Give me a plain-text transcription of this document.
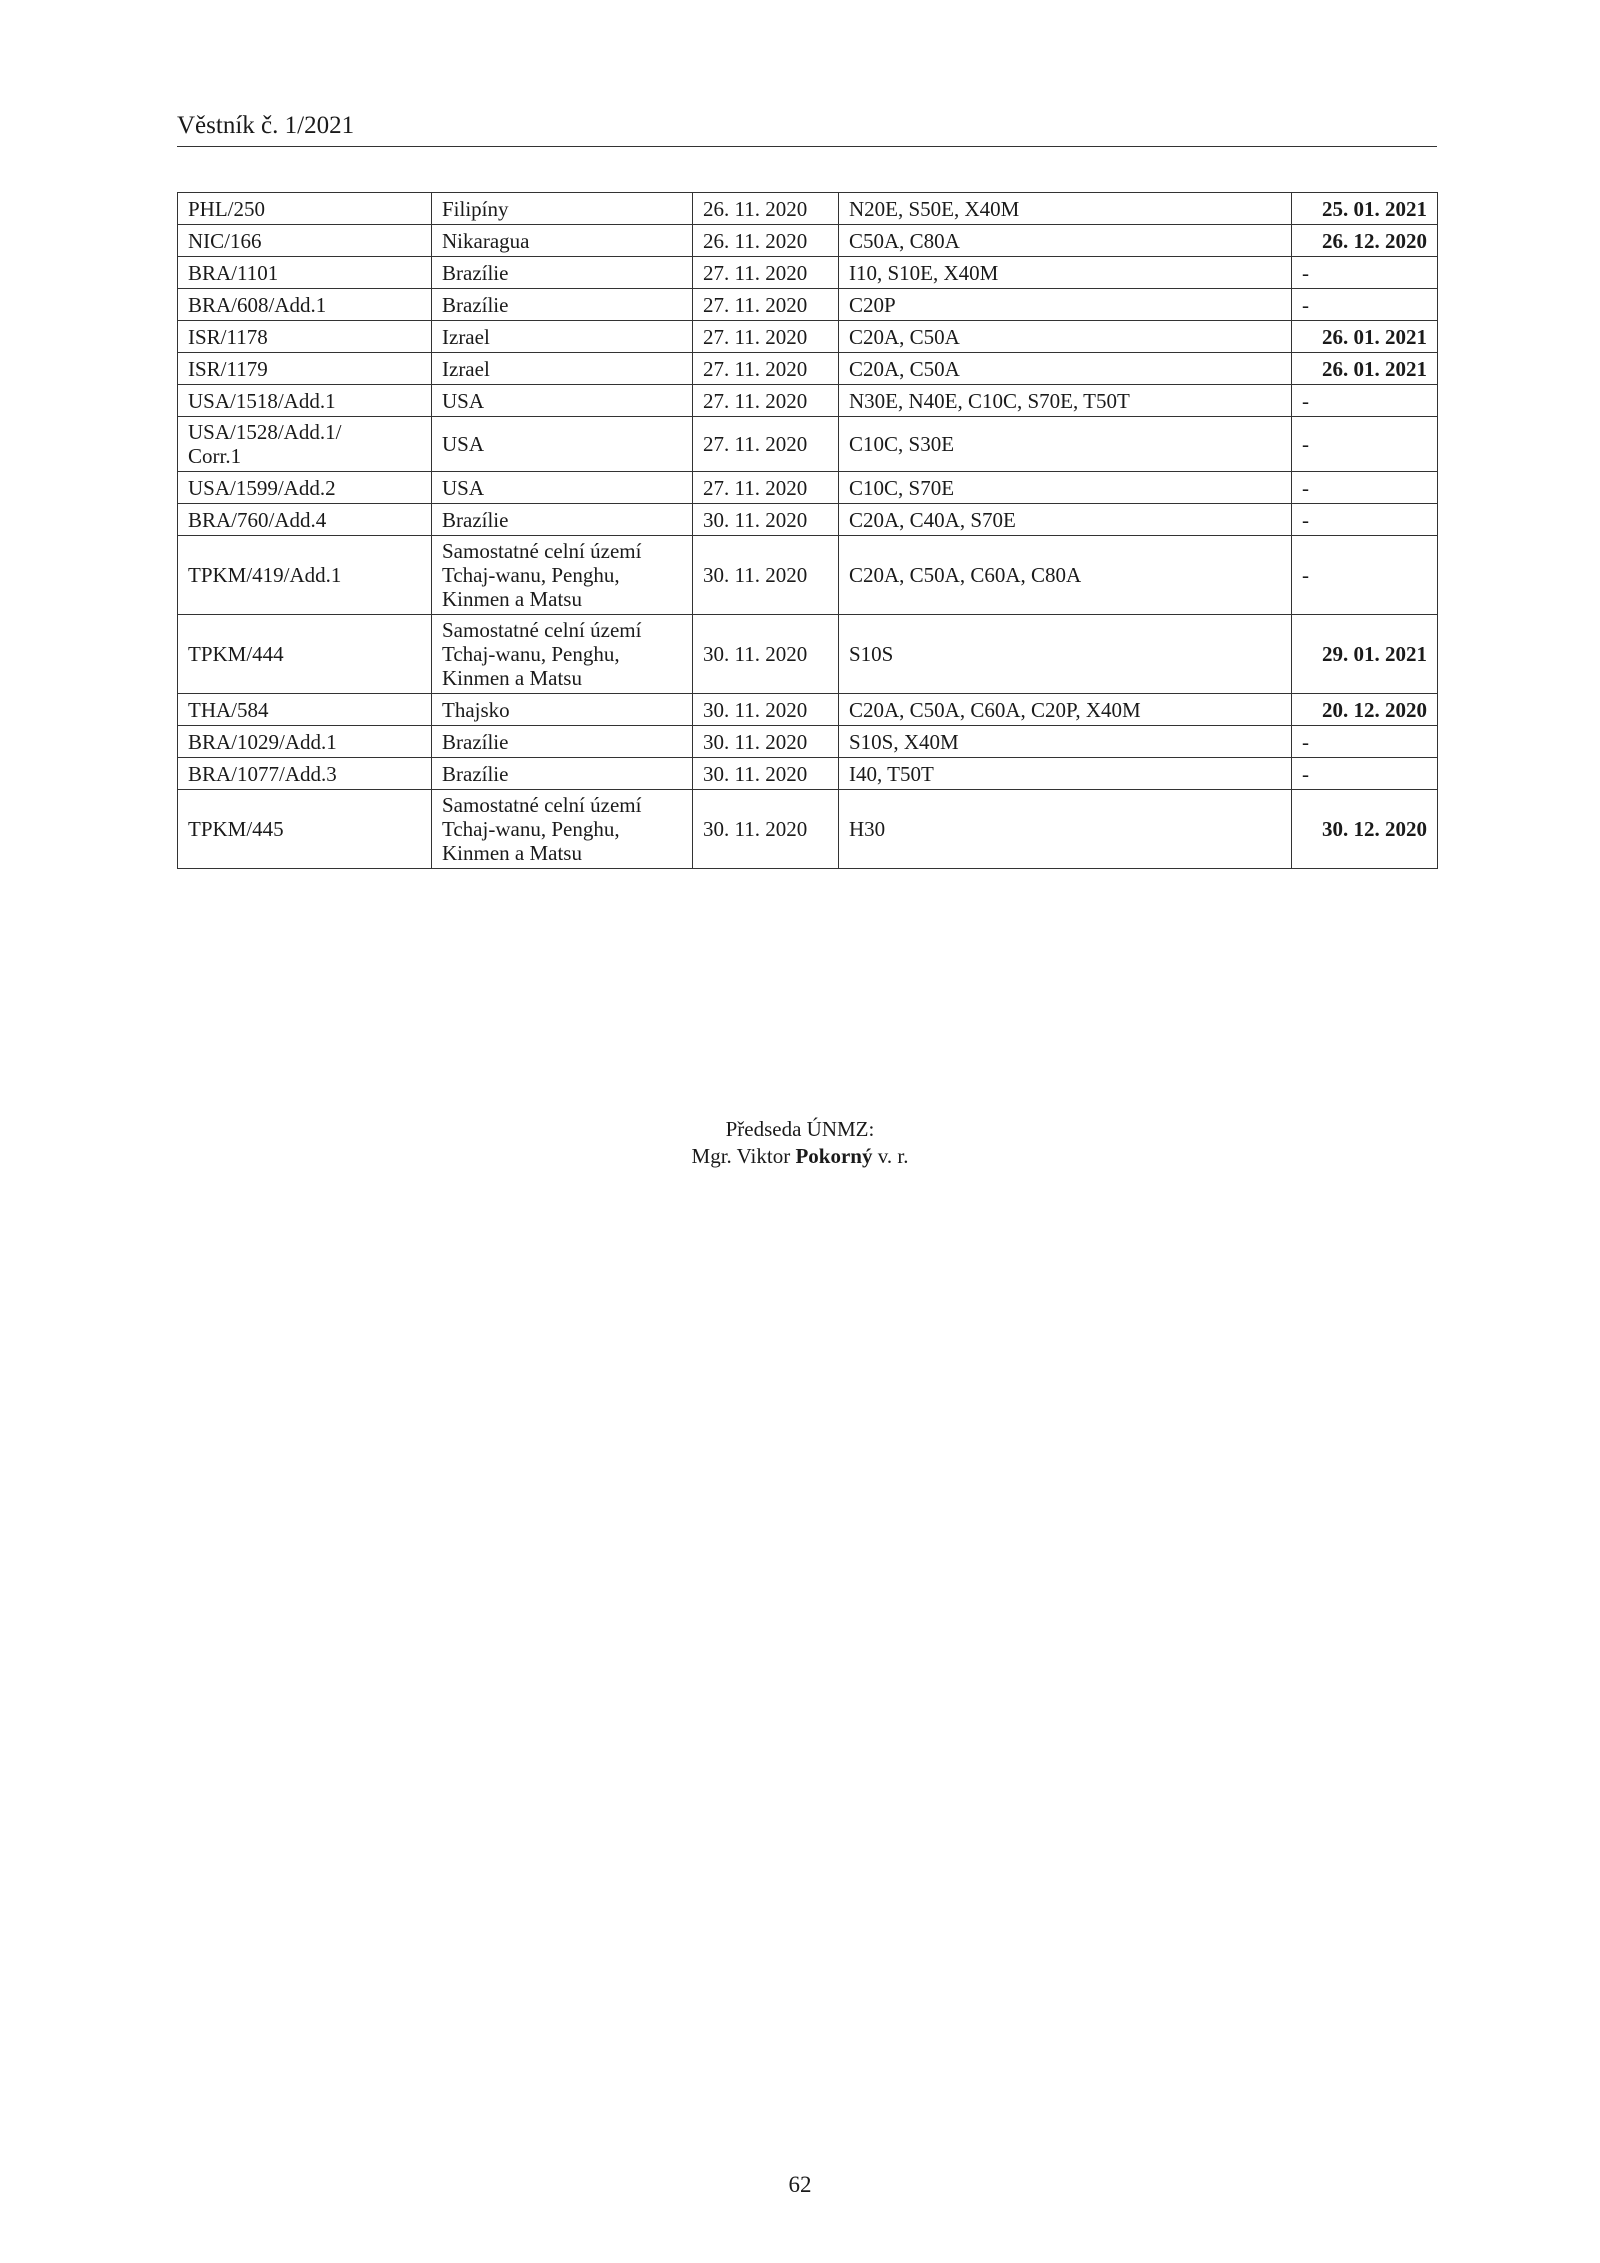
Věstník č. 1/2021
PHL/250	Filipíny	26. 11. 2020	N20E, S50E, X40M	25. 01. 2021
NIC/166	Nikaragua	26. 11. 2020	C50A, C80A	26. 12. 2020
BRA/1101	Brazílie	27. 11. 2020	I10, S10E, X40M	-
BRA/608/Add.1	Brazílie	27. 11. 2020	C20P	-
ISR/1178	Izrael	27. 11. 2020	C20A, C50A	26. 01. 2021
ISR/1179	Izrael	27. 11. 2020	C20A, C50A	26. 01. 2021
USA/1518/Add.1	USA	27. 11. 2020	N30E, N40E, C10C, S70E, T50T	-
USA/1528/Add.1/
Corr.1	USA	27. 11. 2020	C10C, S30E	-
USA/1599/Add.2	USA	27. 11. 2020	C10C, S70E	-
BRA/760/Add.4	Brazílie	30. 11. 2020	C20A, C40A, S70E	-
TPKM/419/Add.1	Samostatné celní území
Tchaj-wanu, Penghu,
Kinmen a Matsu	30. 11. 2020	C20A, C50A, C60A, C80A	-
TPKM/444	Samostatné celní území
Tchaj-wanu, Penghu,
Kinmen a Matsu	30. 11. 2020	S10S	29. 01. 2021
THA/584	Thajsko	30. 11. 2020	C20A, C50A, C60A, C20P, X40M	20. 12. 2020
BRA/1029/Add.1	Brazílie	30. 11. 2020	S10S, X40M	-
BRA/1077/Add.3	Brazílie	30. 11. 2020	I40, T50T	-
TPKM/445	Samostatné celní území
Tchaj-wanu, Penghu,
Kinmen a Matsu	30. 11. 2020	H30	30. 12. 2020
Předseda ÚNMZ:
Mgr. Viktor Pokorný v. r.
62
